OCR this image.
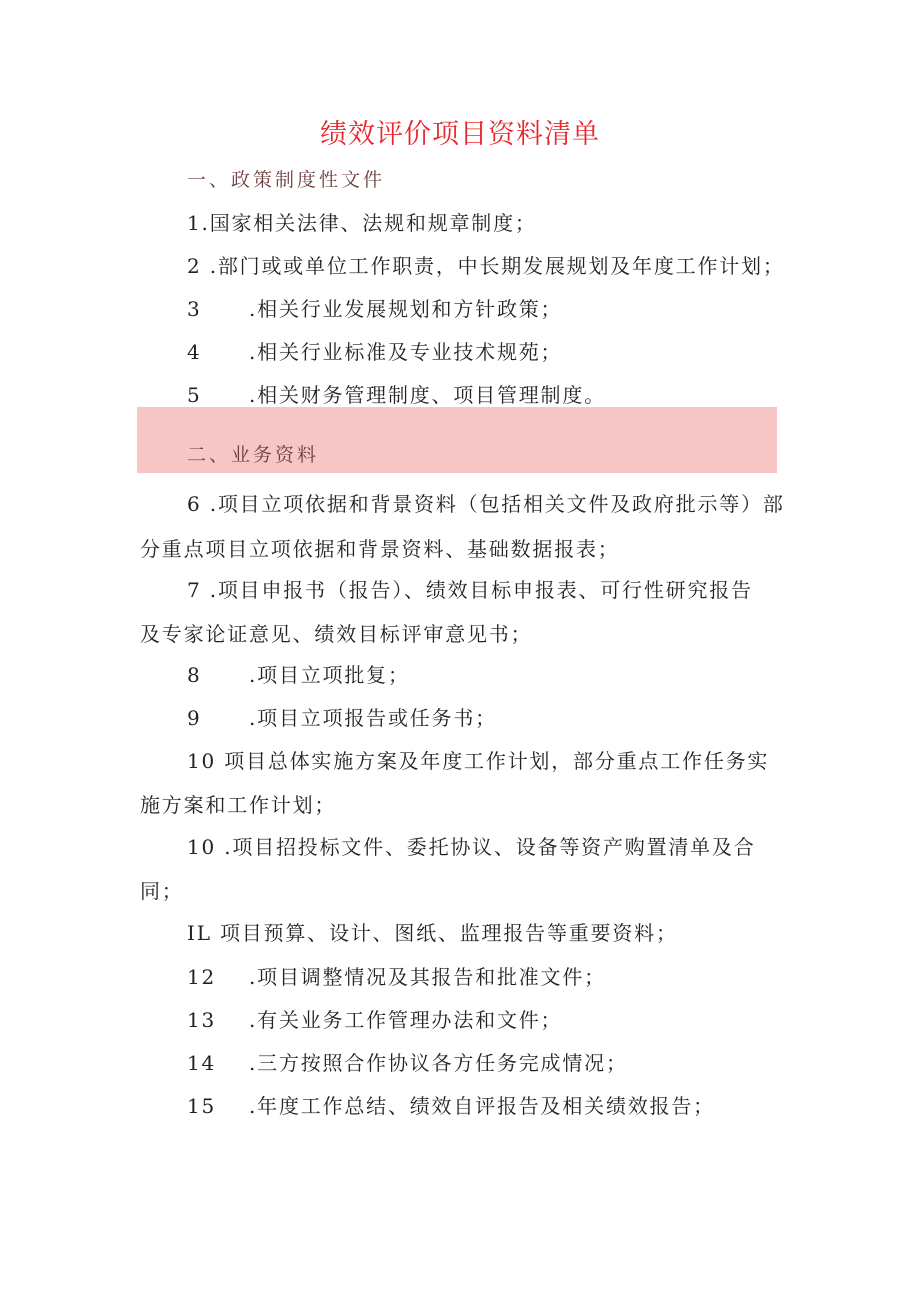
绩效评价项目资料清单
一、政策制度性文件
1.国家相关法律、法规和规章制度；
2 .部门或或单位工作职责，中长期发展规划及年度工作计划；
3 .相关行业发展规划和方针政策；
4 .相关行业标准及专业技术规苑；
5 .相关财务管理制度、项目管理制度。
二、业务资料
6 .项目立项依据和背景资料（包括相关文件及政府批示等）部
分重点项目立项依据和背景资料、基础数据报表；
7 .项目申报书（报告）、绩效目标申报表、可行性研究报告
及专家论证意见、绩效目标评审意见书；
8 .项目立项批复；
9 .项目立项报告或任务书；
10 项目总体实施方案及年度工作计划，部分重点工作任务实
施方案和工作计划；
10 .项目招投标文件、委托协议、设备等资产购置清单及合
同；
IL 项目预算、设计、图纸、监理报告等重要资料；
12 .项目调整情况及其报告和批准文件；
13 .有关业务工作管理办法和文件；
14 .三方按照合作协议各方任务完成情况；
15 .年度工作总结、绩效自评报告及相关绩效报告；
